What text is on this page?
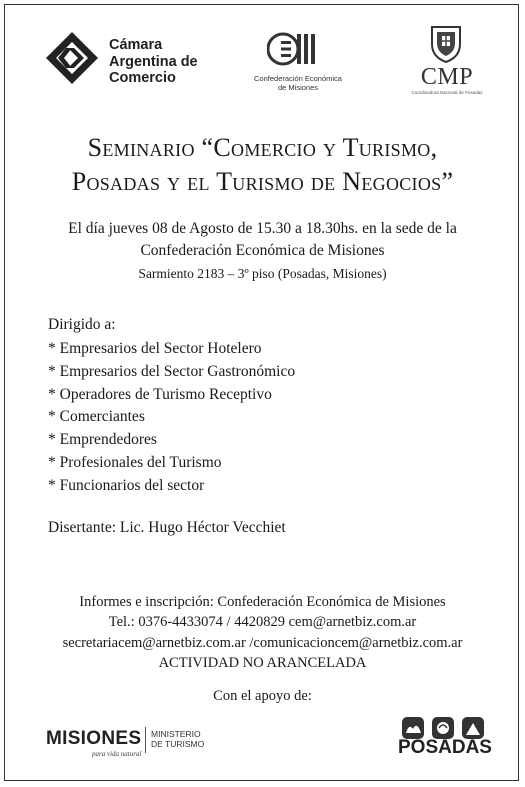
Cámara
Argentina de
Comercio	Confederación Económica
de Misiones	CMP
Coordinadora Nacional de Posadas
Seminario “Comercio y Turismo,
Posadas y el Turismo de Negocios”
El día jueves 08 de Agosto de 15.30 a 18.30hs. en la sede de la
Confederación Económica de Misiones
Sarmiento 2183 – 3º piso (Posadas, Misiones)
Dirigido a:
* Empresarios del Sector Hotelero
* Empresarios del Sector Gastronómico
* Operadores de Turismo Receptivo
* Comerciantes
* Emprendedores
* Profesionales del Turismo
* Funcionarios del sector
Disertante: Lic. Hugo Héctor Vecchiet
Informes e inscripción: Confederación Económica de Misiones
Tel.: 0376-4433074 / 4420829 cem@arnetbiz.com.ar
secretariacem@arnetbiz.com.ar /comunicacioncem@arnetbiz.com.ar
ACTIVIDAD NO ARANCELADA
Con el apoyo de:
MISIONES
para vida natural
MINISTERIO
DE TURISMO	POSADAS
